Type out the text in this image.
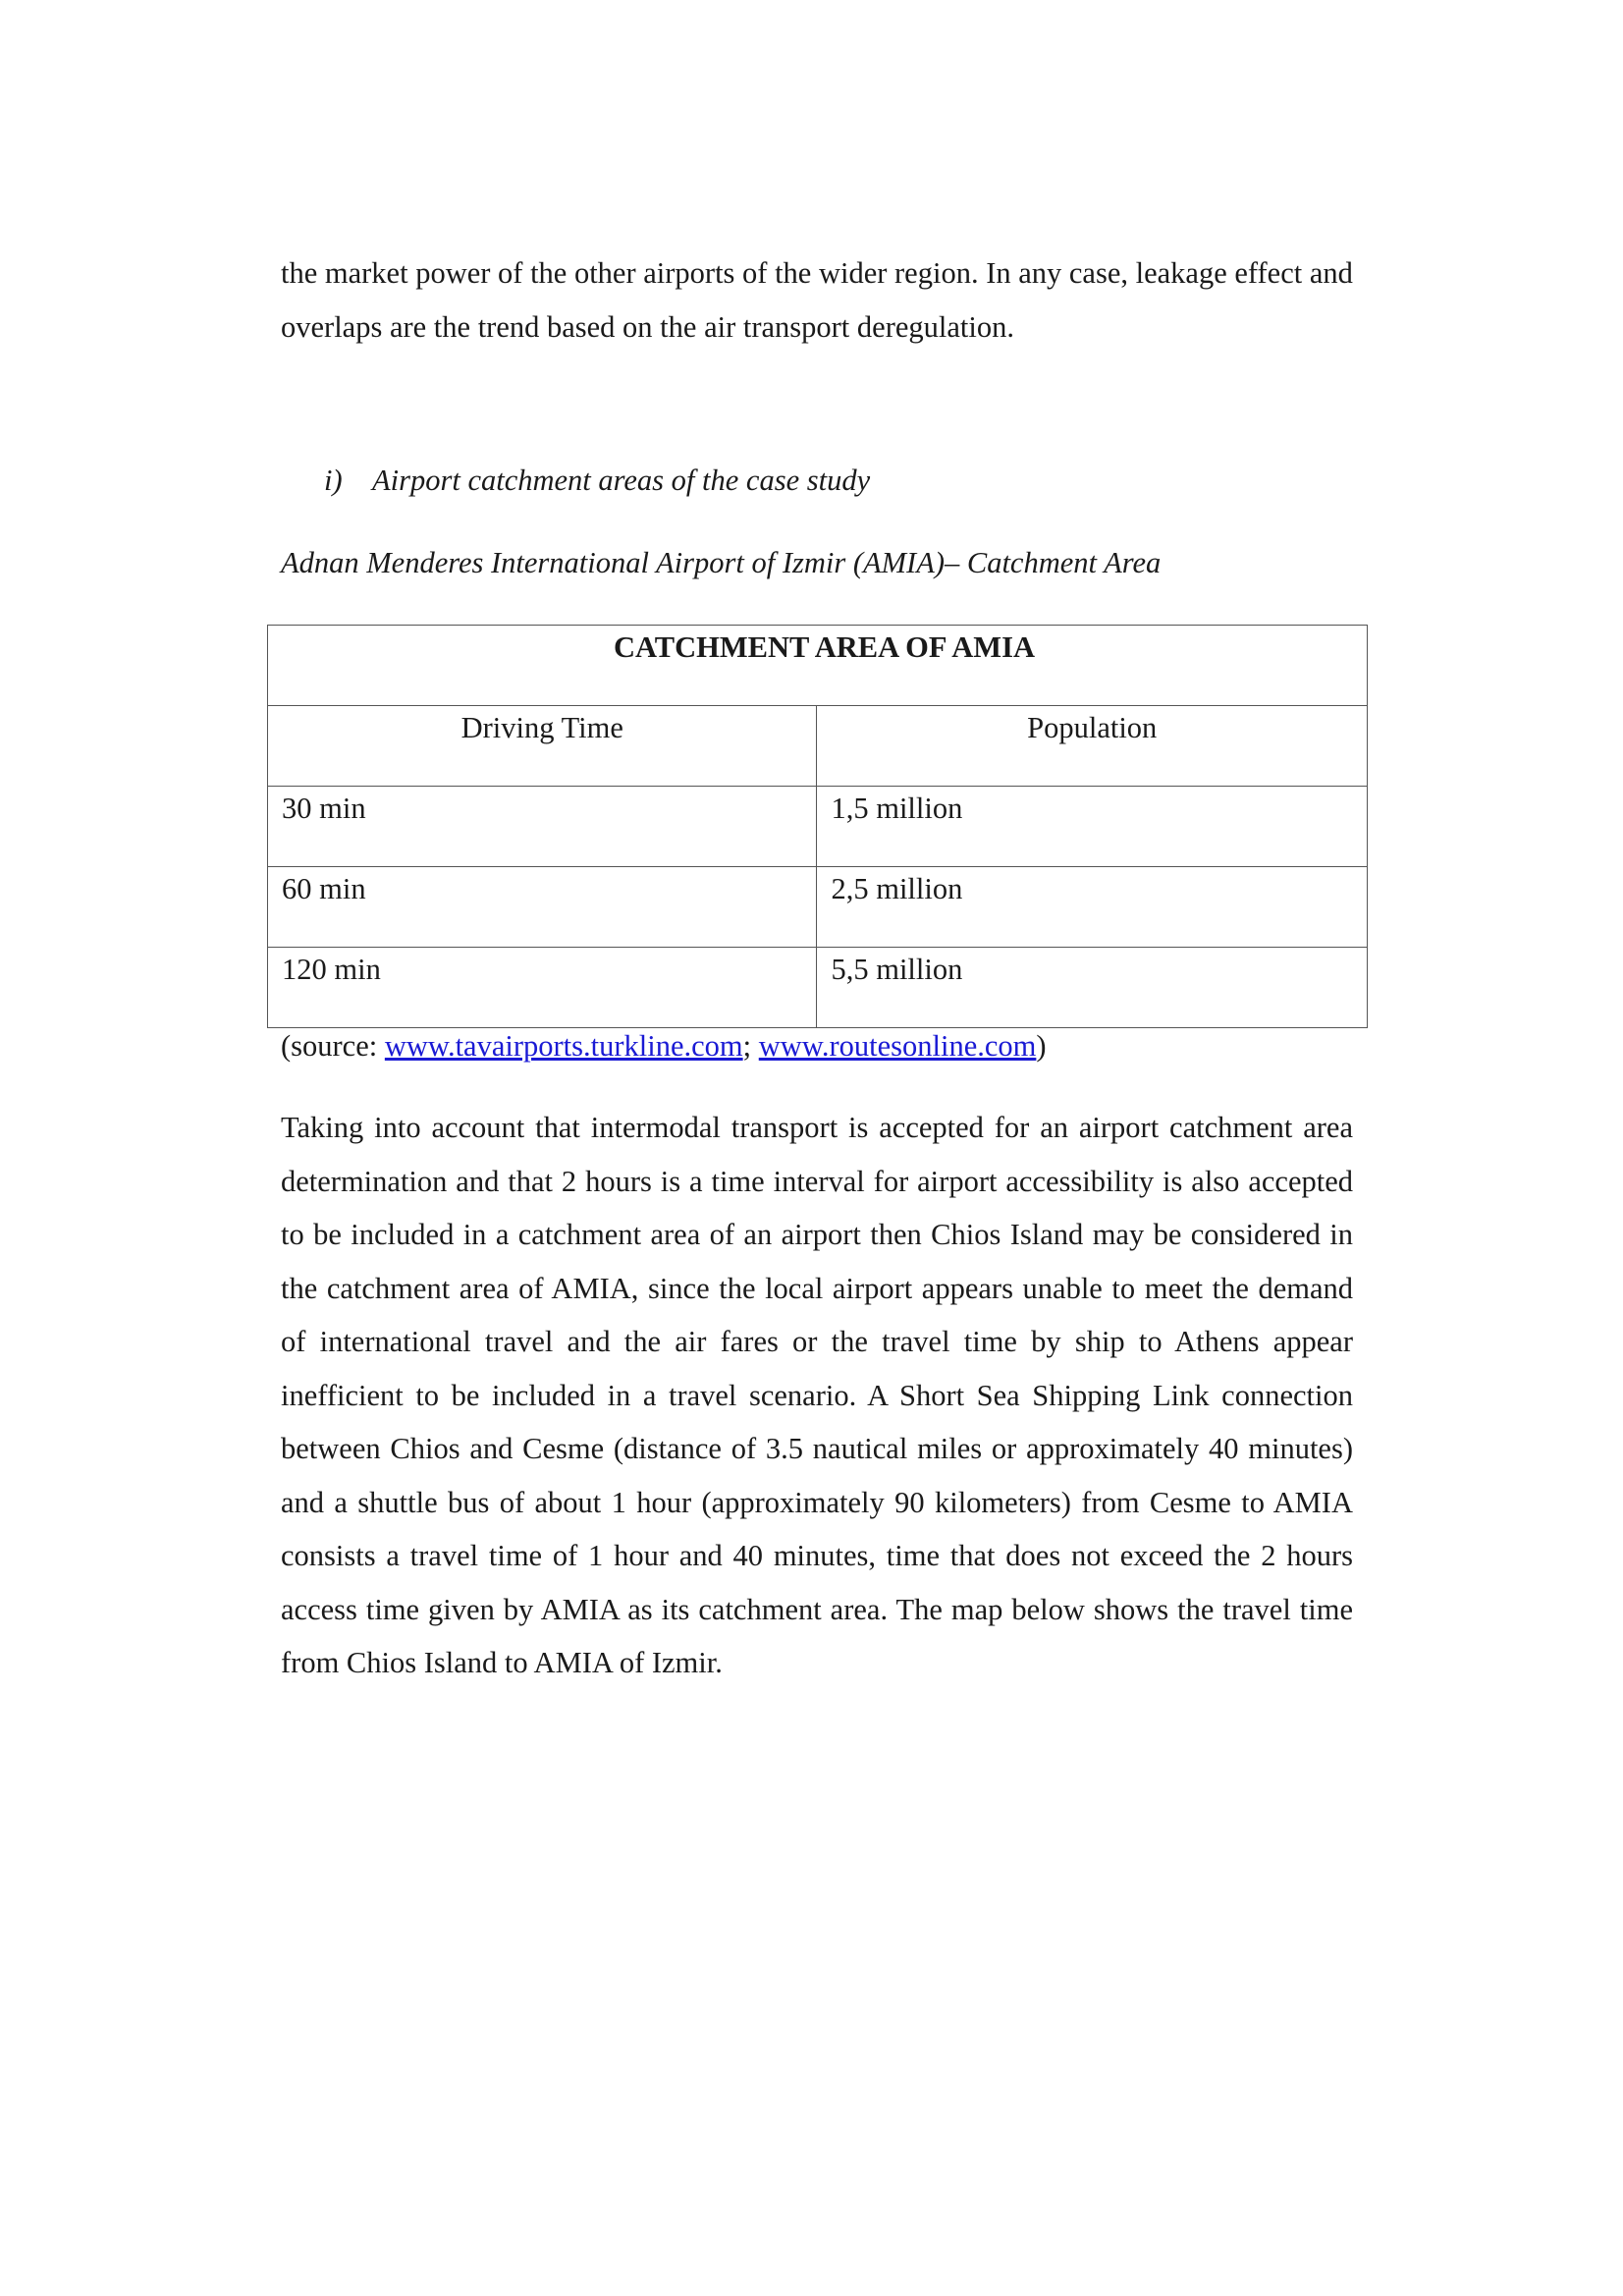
the market power of the other airports of the wider region. In any case, leakage effect and overlaps are the trend based on the air transport deregulation.

i) Airport catchment areas of the case study

Adnan Menderes International Airport of Izmir (AMIA)– Catchment Area

CATCHMENT AREA OF AMIA	
Driving Time	Population
30 min	1,5 million
60 min	2,5 million
120 min	5,5 million

(source: www.tavairports.turkline.com; www.routesonline.com)

Taking into account that intermodal transport is accepted for an airport catchment area determination and that 2 hours is a time interval for airport accessibility is also accepted to be included in a catchment area of an airport then Chios Island may be considered in the catchment area of AMIA, since the local airport appears unable to meet the demand of international travel and the air fares or the travel time by ship to Athens appear inefficient to be included in a travel scenario. A Short Sea Shipping Link connection between Chios and Cesme (distance of 3.5 nautical miles or approximately 40 minutes) and a shuttle bus of about 1 hour (approximately 90 kilometers) from Cesme to AMIA consists a travel time of 1 hour and 40 minutes, time that does not exceed the 2 hours access time given by AMIA as its catchment area. The map below shows the travel time from Chios Island to AMIA of Izmir.
